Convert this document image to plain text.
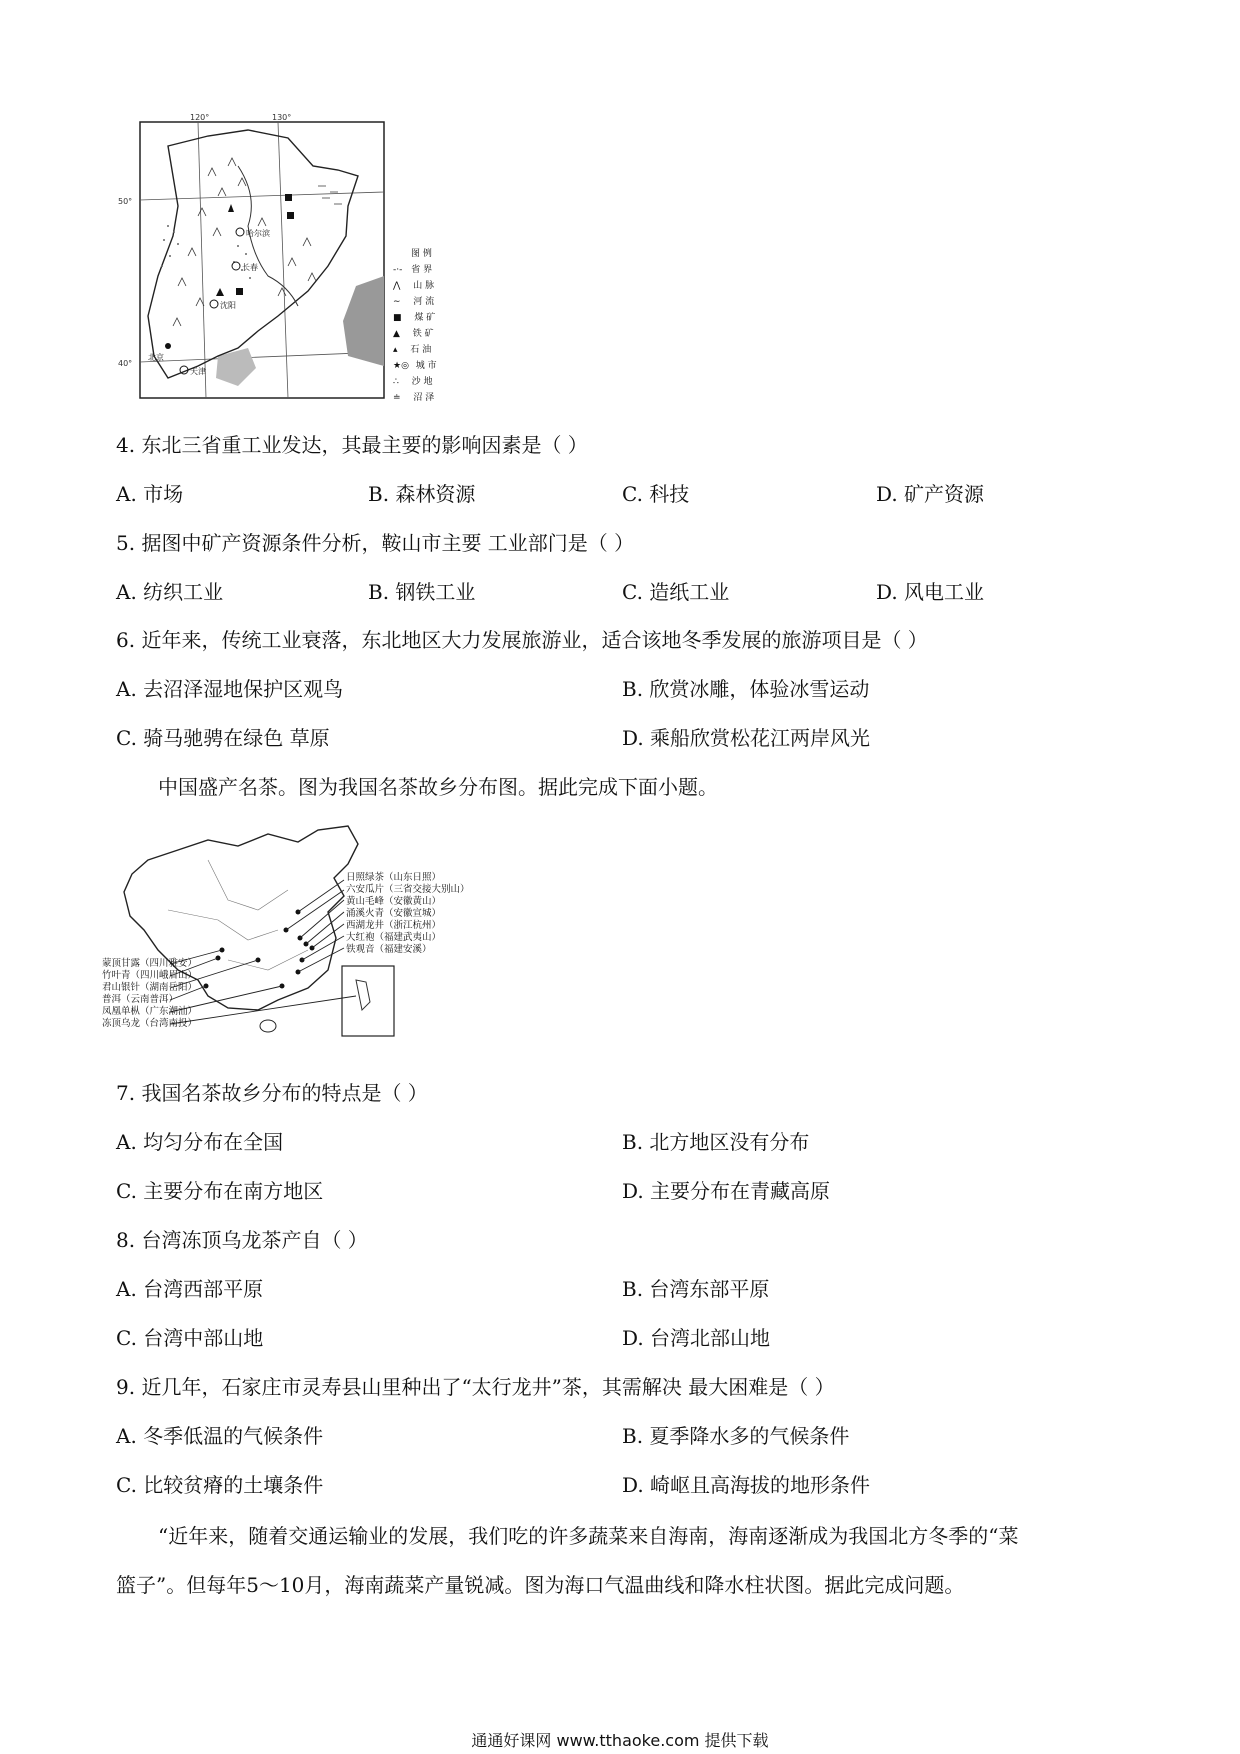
120°	130°
50°
40°
哈尔滨
长春
沈阳
北京
天津
图 例
-·- 省 界
⋀ 山 脉
∼ 河 流
■ 煤 矿
▲ 铁 矿
▴ 石 油
★◎ 城 市
∴ 沙 地
≐ 沼 泽
4. 东北三省重工业发达，其最主要的影响因素是（ ）
A. 市场	B. 森林资源	C. 科技	D. 矿产资源
5. 据图中矿产资源条件分析，鞍山市主要 工业部门是（ ）
A. 纺织工业	B. 钢铁工业	C. 造纸工业	D. 风电工业
6. 近年来，传统工业衰落，东北地区大力发展旅游业，适合该地冬季发展的旅游项目是（ ）
A. 去沼泽湿地保护区观鸟	B. 欣赏冰雕，体验冰雪运动
C. 骑马驰骋在绿色 草原	D. 乘船欣赏松花江两岸风光
中国盛产名茶。图为我国名茶故乡分布图。据此完成下面小题。
日照绿茶（山东日照）
六安瓜片（三省交接大别山）
黄山毛峰（安徽黄山）
涌溪火青（安徽宣城）
西湖龙井（浙江杭州）
大红袍（福建武夷山）
铁观音（福建安溪）
蒙顶甘露（四川雅安）
竹叶青（四川峨眉山）
君山银针（湖南岳阳）
普洱（云南普洱）
凤凰单枞（广东潮汕）
冻顶乌龙（台湾南投）
7. 我国名茶故乡分布的特点是（ ）
A. 均匀分布在全国	B. 北方地区没有分布
C. 主要分布在南方地区	D. 主要分布在青藏高原
8. 台湾冻顶乌龙茶产自（ ）
A. 台湾西部平原	B. 台湾东部平原
C. 台湾中部山地	D. 台湾北部山地
9. 近几年，石家庄市灵寿县山里种出了“太行龙井”茶，其需解决 最大困难是（ ）
A. 冬季低温的气候条件	B. 夏季降水多的气候条件
C. 比较贫瘠的土壤条件	D. 崎岖且高海拔的地形条件
“近年来，随着交通运输业的发展，我们吃的许多蔬菜来自海南，海南逐渐成为我国北方冬季的“菜
篮子”。但每年5～10月，海南蔬菜产量锐减。图为海口气温曲线和降水柱状图。据此完成问题。
通通好课网 www.tthaoke.com 提供下载
